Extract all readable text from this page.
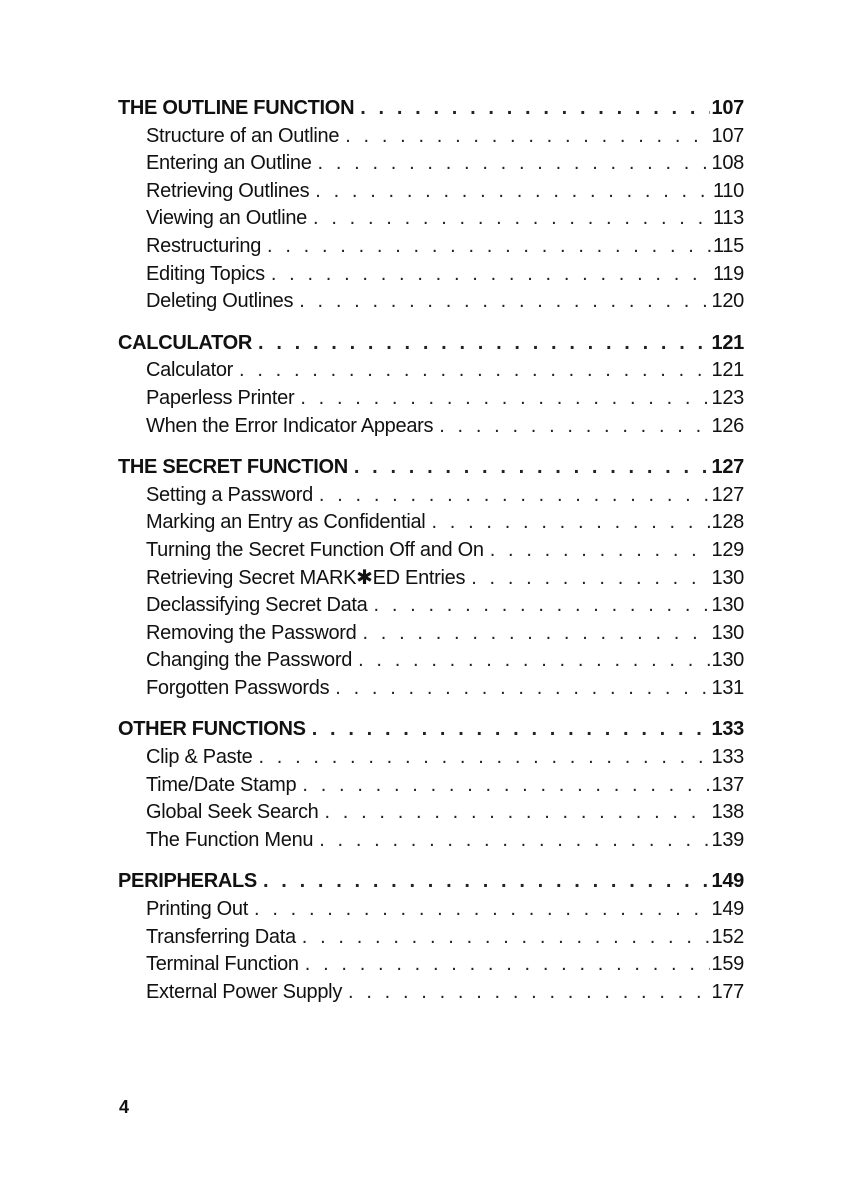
THE OUTLINE FUNCTION . . .	107
Structure of an Outline . . .	107
Entering an Outline . . .	108
Retrieving Outlines . . .	110
Viewing an Outline . . .	113
Restructuring . . .	115
Editing Topics . . .	119
Deleting Outlines . . .	120
CALCULATOR . . .	121
Calculator . . .	121
Paperless Printer . . .	123
When the Error Indicator Appears . . .	126
THE SECRET FUNCTION . . .	127
Setting a Password . . .	127
Marking an Entry as Confidential . . .	128
Turning the Secret Function Off and On . . .	129
Retrieving Secret MARK✱ED Entries . . .	130
Declassifying Secret Data . . .	130
Removing the Password . . .	130
Changing the Password . . .	130
Forgotten Passwords . . .	131
OTHER FUNCTIONS . . .	133
Clip & Paste . . .	133
Time/Date Stamp . . .	137
Global Seek Search . . .	138
The Function Menu . . .	139
PERIPHERALS . . .	149
Printing Out . . .	149
Transferring Data . . .	152
Terminal Function . . .	159
External Power Supply . . .	177
4
